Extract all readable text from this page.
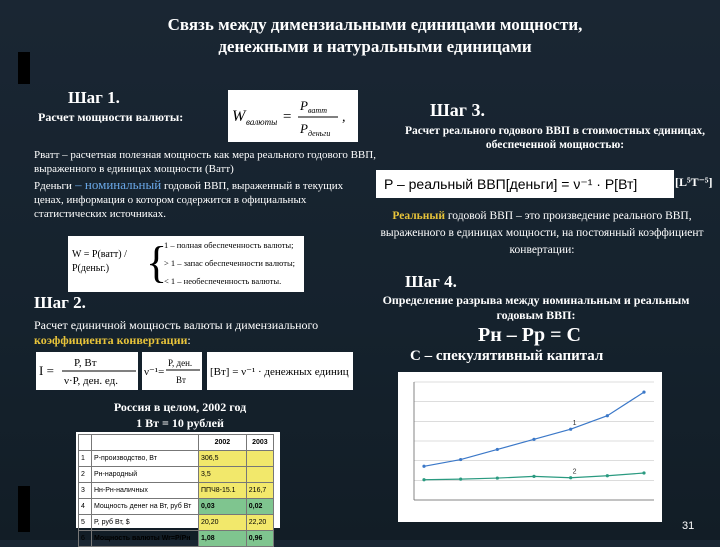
Связь между димензиальными единицами мощности,
денежными и натуральными единицами
Шаг 1.
Расчет мощности валюты:	W валюты =
P ватт
P деньги
,
Pватт – расчетная полезная мощность как мера реального годового ВВП, выраженного в единицах мощности (Ватт)
Pденьги – номинальный годовой ВВП, выраженный в текущих ценах, информация о котором содержится в официальных статистических источниках.
W = P(ватт) / P(деньг.) {
1 – полная обеспеченность валюты;
> 1 – запас обеспеченности валюты;
< 1 – необеспеченность валюты.
Шаг 2.
Расчет единичной мощность валюты и димензиального коэффициента конвертации:
I = P, Вт
ν·P, ден. ед.
ν⁻¹=
P, ден.
Вт
[Вт] = ν⁻¹ · денежных единиц
Россия в целом, 2002 год
1 Вт = 10 рублей
		2002	2003
1	P-производство, Вт	306,5	
2	Pн-народный	3,5	
3	Нн-Рн-наличных	ППЧ8-15.1	216,7
4	Мощность денег на Вт, руб Вт	0,03	0,02
5	P, руб Вт, $	20,20	22,20
6	Мощность валюты Wr=P/Pн	1,08	0,96
Шаг 3.
Расчет реального годового ВВП в стоимостных единицах, обеспеченной мощностью:
P – реальный ВВП[деньги] = ν⁻¹ · P[Вт]	[L⁵T⁻⁵]
Реальный годовой ВВП – это произведение реального ВВП, выраженного в единицах мощности, на постоянный коэффициент конвертации:
Шаг 4.
Определение разрыва между номинальным и реальным годовым ВВП:
Pн – Pр = С
С – спекулятивный капитал
1
2
31
